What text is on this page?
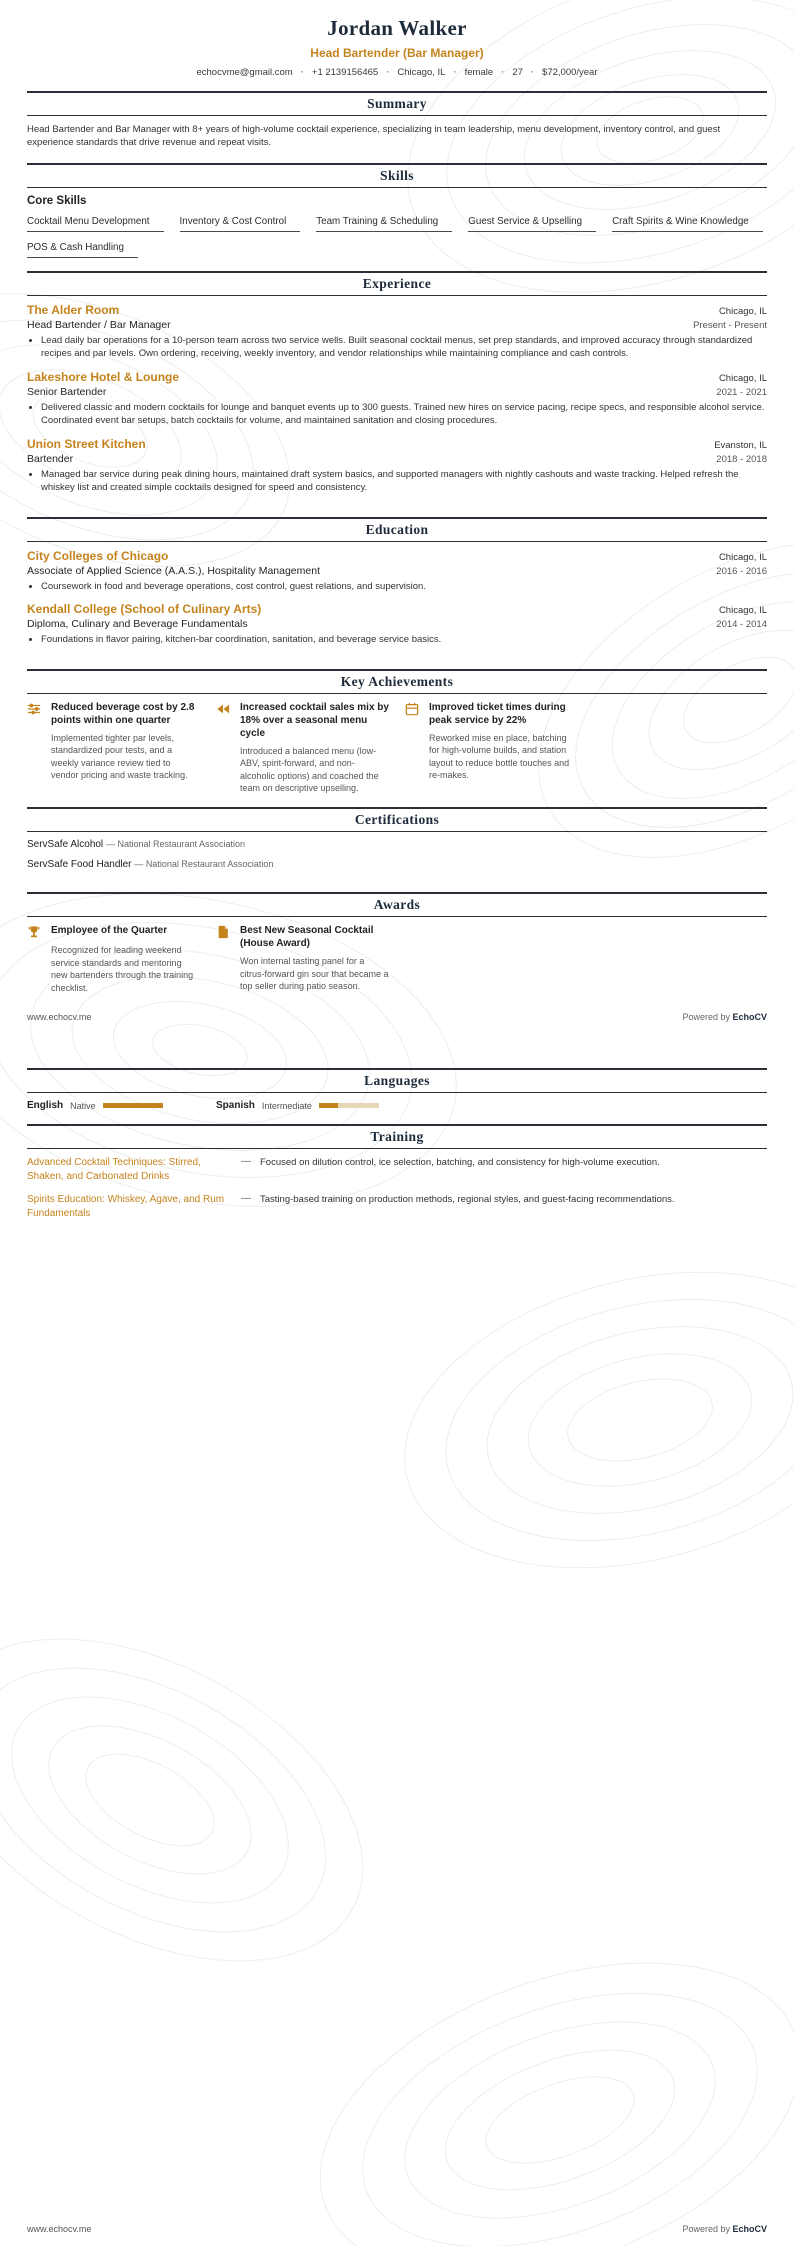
Jordan Walker
Head Bartender (Bar Manager)
echocvme@gmail.com · +1 2139156465 · Chicago, IL · female · 27 · $72,000/year
Summary
Head Bartender and Bar Manager with 8+ years of high-volume cocktail experience, specializing in team leadership, menu development, inventory control, and guest experience standards that drive revenue and repeat visits.
Skills
Core Skills
Cocktail Menu Development	Inventory & Cost Control	Team Training & Scheduling	Guest Service & Upselling	Craft Spirits & Wine Knowledge
POS & Cash Handling
Experience
The Alder Room	Chicago, IL
Head Bartender / Bar Manager	Present - Present
• Lead daily bar operations for a 10-person team across two service wells. Built seasonal cocktail menus, set prep standards, and improved accuracy through standardized recipes and par levels. Own ordering, receiving, weekly inventory, and vendor relationships while maintaining compliance and cash controls.
Lakeshore Hotel & Lounge	Chicago, IL
Senior Bartender	2021 - 2021
• Delivered classic and modern cocktails for lounge and banquet events up to 300 guests. Trained new hires on service pacing, recipe specs, and responsible alcohol service. Coordinated event bar setups, batch cocktails for volume, and maintained sanitation and closing procedures.
Union Street Kitchen	Evanston, IL
Bartender	2018 - 2018
• Managed bar service during peak dining hours, maintained draft system basics, and supported managers with nightly cashouts and waste tracking. Helped refresh the whiskey list and created simple cocktails designed for speed and consistency.
Education
City Colleges of Chicago	Chicago, IL
Associate of Applied Science (A.A.S.), Hospitality Management	2016 - 2016
• Coursework in food and beverage operations, cost control, guest relations, and supervision.
Kendall College (School of Culinary Arts)	Chicago, IL
Diploma, Culinary and Beverage Fundamentals	2014 - 2014
• Foundations in flavor pairing, kitchen-bar coordination, sanitation, and beverage service basics.
Key Achievements
Reduced beverage cost by 2.8 points within one quarter
Implemented tighter par levels, standardized pour tests, and a weekly variance review tied to vendor pricing and waste tracking.
Increased cocktail sales mix by 18% over a seasonal menu cycle
Introduced a balanced menu (low-ABV, spirit-forward, and non-alcoholic options) and coached the team on descriptive upselling.
Improved ticket times during peak service by 22%
Reworked mise en place, batching for high-volume builds, and station layout to reduce bottle touches and re-makes.
Certifications
ServSafe Alcohol — National Restaurant Association
ServSafe Food Handler — National Restaurant Association
Awards
Employee of the Quarter
Recognized for leading weekend service standards and mentoring new bartenders through the training checklist.
Best New Seasonal Cocktail (House Award)
Won internal tasting panel for a citrus-forward gin sour that became a top seller during patio season.
www.echocv.me	Powered by EchoCV
Languages
English Native	Spanish Intermediate
Training
Advanced Cocktail Techniques: Stirred, Shaken, and Carbonated Drinks
— Focused on dilution control, ice selection, batching, and consistency for high-volume execution.
Spirits Education: Whiskey, Agave, and Rum Fundamentals
— Tasting-based training on production methods, regional styles, and guest-facing recommendations.
www.echocv.me	Powered by EchoCV
